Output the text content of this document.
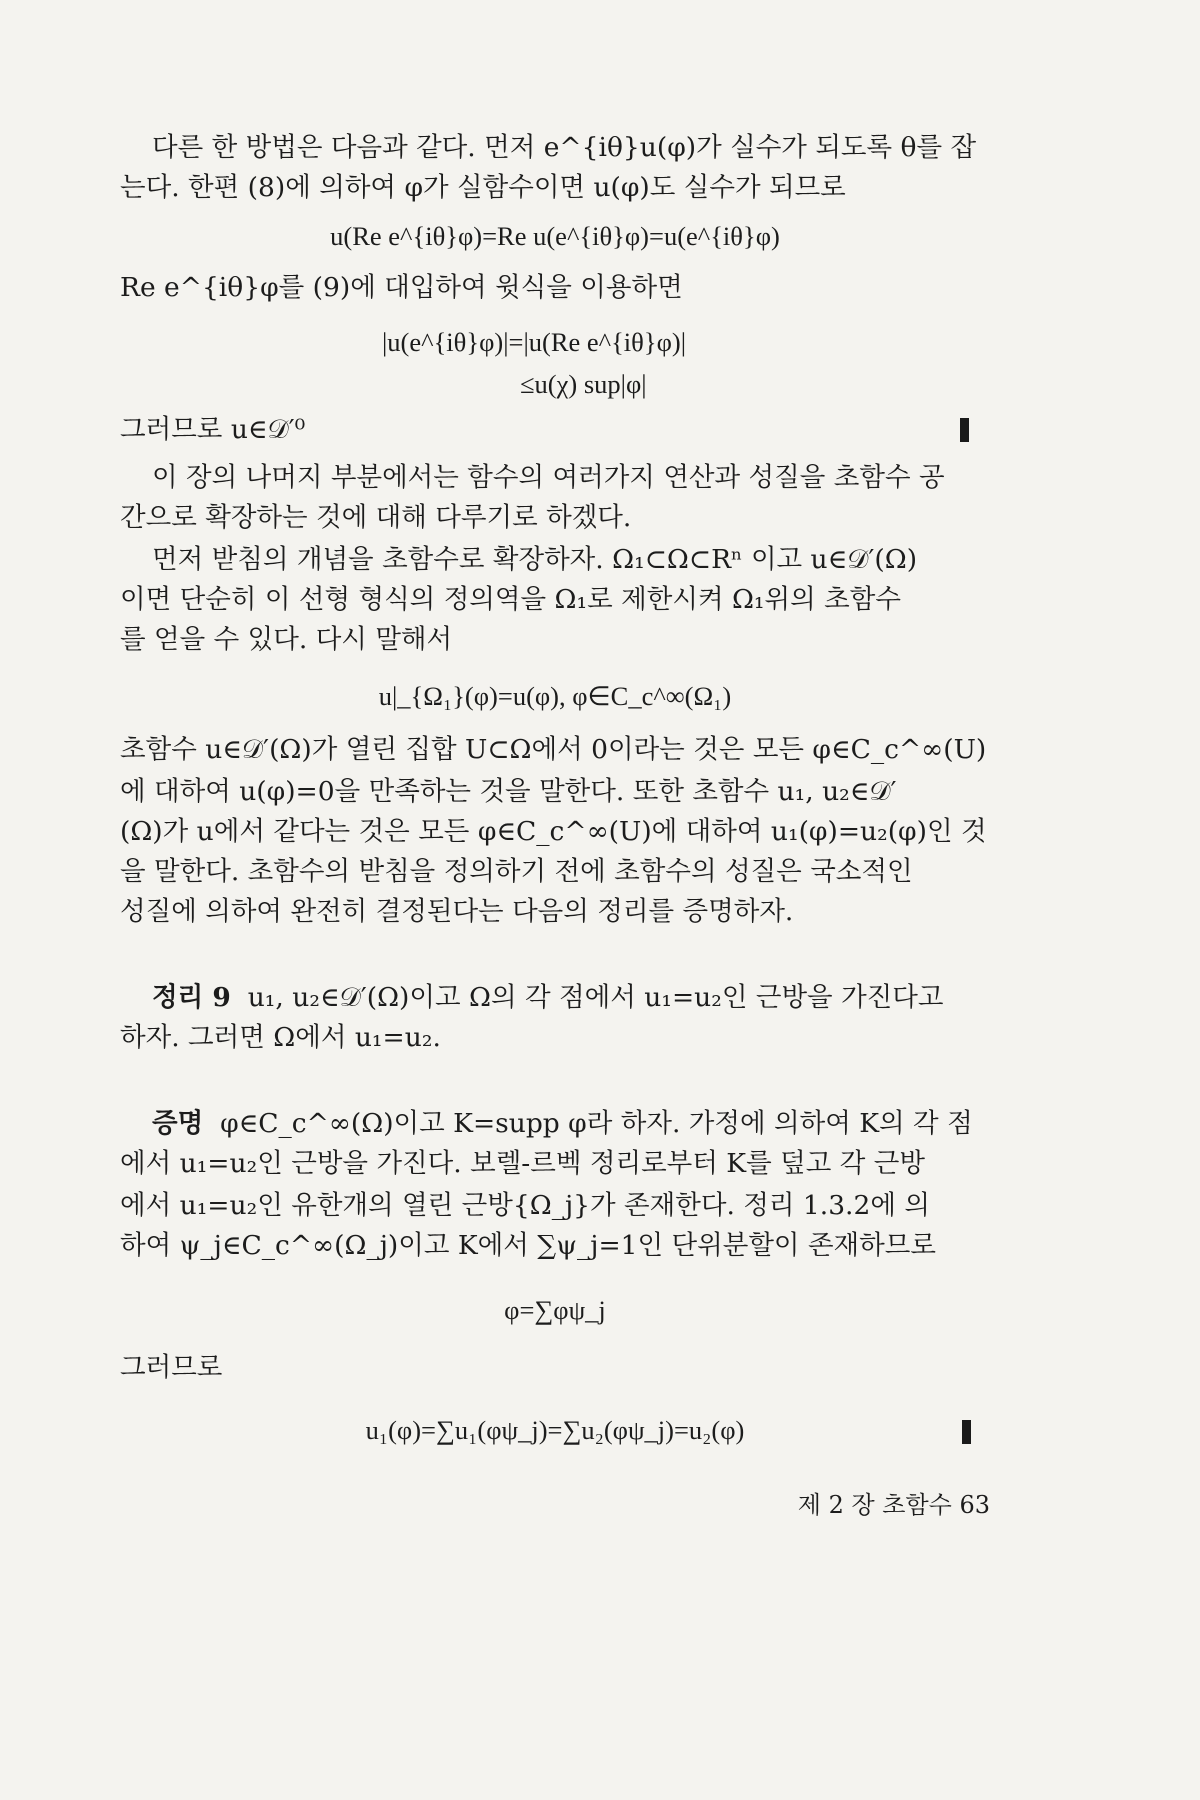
다른 한 방법은 다음과 같다. 먼저 e^{iθ}u(φ)가 실수가 되도록 θ를 잡
는다. 한편 (8)에 의하여 φ가 실함수이면 u(φ)도 실수가 되므로
u(Re e^{iθ}φ)=Re u(e^{iθ}φ)=u(e^{iθ}φ)
Re e^{iθ}φ를 (9)에 대입하여 윗식을 이용하면
|u(e^{iθ}φ)|=|u(Re e^{iθ}φ)|
≤u(χ) sup|φ|
그러므로 u∈𝒟′⁰
이 장의 나머지 부분에서는 함수의 여러가지 연산과 성질을 초함수 공
간으로 확장하는 것에 대해 다루기로 하겠다.
먼저 받침의 개념을 초함수로 확장하자. Ω₁⊂Ω⊂Rⁿ 이고 u∈𝒟′(Ω)
이면 단순히 이 선형 형식의 정의역을 Ω₁로 제한시켜 Ω₁위의 초함수
를 얻을 수 있다. 다시 말해서
u|_{Ω₁}(φ)=u(φ), φ∈C_c^∞(Ω₁)
초함수 u∈𝒟′(Ω)가 열린 집합 U⊂Ω에서 0이라는 것은 모든 φ∈C_c^∞(U)
에 대하여 u(φ)=0을 만족하는 것을 말한다. 또한 초함수 u₁, u₂∈𝒟′
(Ω)가 u에서 같다는 것은 모든 φ∈C_c^∞(U)에 대하여 u₁(φ)=u₂(φ)인 것
을 말한다. 초함수의 받침을 정의하기 전에 초함수의 성질은 국소적인
성질에 의하여 완전히 결정된다는 다음의 정리를 증명하자.
정리 9 u₁, u₂∈𝒟′(Ω)이고 Ω의 각 점에서 u₁=u₂인 근방을 가진다고
하자. 그러면 Ω에서 u₁=u₂.
증명 φ∈C_c^∞(Ω)이고 K=supp φ라 하자. 가정에 의하여 K의 각 점
에서 u₁=u₂인 근방을 가진다. 보렐-르벡 정리로부터 K를 덮고 각 근방
에서 u₁=u₂인 유한개의 열린 근방{Ω_j}가 존재한다. 정리 1.3.2에 의
하여 ψ_j∈C_c^∞(Ω_j)이고 K에서 ∑ψ_j=1인 단위분할이 존재하므로
φ=∑φψ_j
그러므로
u₁(φ)=∑u₁(φψ_j)=∑u₂(φψ_j)=u₂(φ)
제 2 장 초함수 63
